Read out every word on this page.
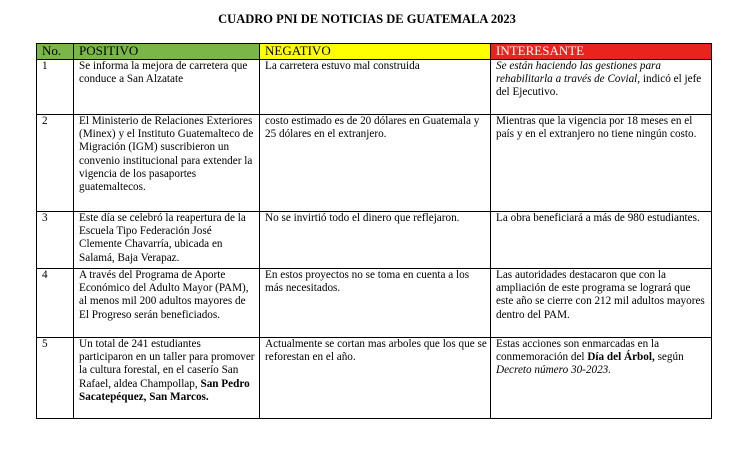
CUADRO PNI DE NOTICIAS DE GUATEMALA 2023
No.	POSITIVO	NEGATIVO	INTERESANTE
1	Se informa la mejora de carretera que conduce a San Alzatate	La carretera estuvo mal construida	Se están haciendo las gestiones para rehabilitarla a través de Covial, indicó el jefe del Ejecutivo.
2	El Ministerio de Relaciones Exteriores (Minex) y el Instituto Guatemalteco de Migración (IGM) suscribieron un convenio institucional para extender la vigencia de los pasaportes guatemaltecos.	costo estimado es de 20 dólares en Guatemala y 25 dólares en el extranjero.	Mientras que la vigencia por 18 meses en el país y en el extranjero no tiene ningún costo.
3	Este día se celebró la reapertura de la Escuela Tipo Federación José Clemente Chavarría, ubicada en Salamá, Baja Verapaz.	No se invirtió todo el dinero que reflejaron.	La obra beneficiará a más de 980 estudiantes.
4	A través del Programa de Aporte Económico del Adulto Mayor (PAM), al menos mil 200 adultos mayores de El Progreso serán beneficiados.	En estos proyectos no se toma en cuenta a los más necesitados.	Las autoridades destacaron que con la ampliación de este programa se logrará que este año se cierre con 212 mil adultos mayores dentro del PAM.
5	Un total de 241 estudiantes participaron en un taller para promover la cultura forestal, en el caserío San Rafael, aldea Champollap, San Pedro Sacatepéquez, San Marcos.	Actualmente se cortan mas arboles que los que se reforestan en el año.	Estas acciones son enmarcadas en la conmemoración del Día del Árbol, según Decreto número 30-2023.
